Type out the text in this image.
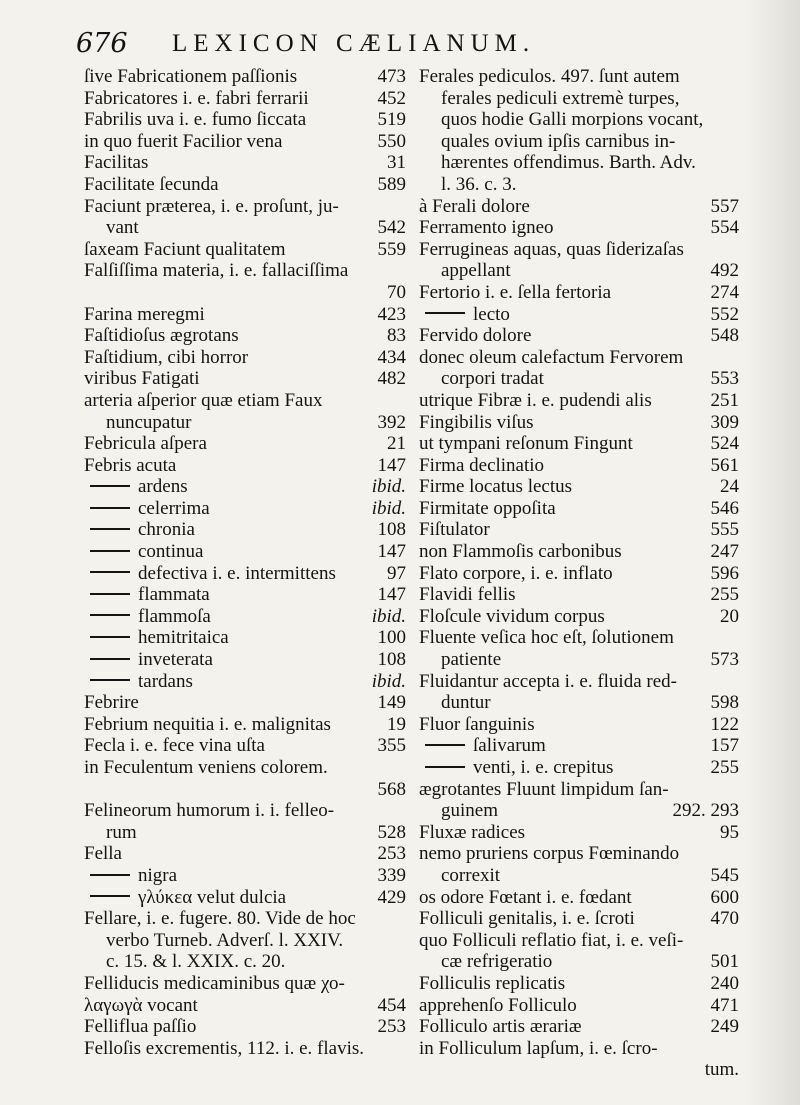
676 LEXICON CÆLIANUM.
ſive Fabricationem paſſionis	473
Fabricatores i. e. fabri ferrarii	452
Fabrilis uva i. e. fumo ſiccata	519
in quo fuerit Facilior vena	550
Facilitas	31
Facilitate ſecunda	589
Faciunt præterea, i. e. proſunt, ju-
vant	542
ſaxeam Faciunt qualitatem	559
Falſiſſima materia, i. e. fallaciſſima
70
Farina meregmi	423
Faſtidioſus ægrotans	83
Faſtidium, cibi horror	434
viribus Fatigati	482
arteria aſperior quæ etiam Faux
nuncupatur	392
Febricula aſpera	21
Febris acuta	147
ardens	ibid.
celerrima	ibid.
chronia	108
continua	147
defectiva i. e. intermittens	97
flammata	147
flammoſa	ibid.
hemitritaica	100
inveterata	108
tardans	ibid.
Febrire	149
Febrium nequitia i. e. malignitas	19
Fecla i. e. fece vina uſta	355
in Feculentum veniens colorem.
568
Felineorum humorum i. i. felleo-
rum	528
Fella	253
nigra	339
γλύκεα velut dulcia	429
Fellare, i. e. fugere. 80. Vide de hoc
verbo Turneb. Adverſ. l. XXIV.
c. 15. & l. XXIX. c. 20.
Felliducis medicaminibus quæ χο-
λαγωγὰ vocant	454
Felliflua paſſio	253
Felloſis excrementis, 112. i. e. flavis.
Ferales pediculos. 497. ſunt autem
ferales pediculi extremè turpes,
quos hodie Galli morpions vocant,
quales ovium ipſis carnibus in-
hærentes offendimus. Barth. Adv.
l. 36. c. 3.
à Ferali dolore	557
Ferramento igneo	554
Ferrugineas aquas, quas ſiderizaſas
appellant	492
Fertorio i. e. ſella fertoria	274
lecto	552
Fervido dolore	548
donec oleum calefactum Fervorem
corpori tradat	553
utrique Fibræ i. e. pudendi alis	251
Fingibilis viſus	309
ut tympani reſonum Fingunt	524
Firma declinatio	561
Firme locatus lectus	24
Firmitate oppoſita	546
Fiſtulator	555
non Flammoſis carbonibus	247
Flato corpore, i. e. inflato	596
Flavidi fellis	255
Floſcule vividum corpus	20
Fluente veſica hoc eſt, ſolutionem
patiente	573
Fluidantur accepta i. e. fluida red-
duntur	598
Fluor ſanguinis	122
ſalivarum	157
venti, i. e. crepitus	255
ægrotantes Fluunt limpidum ſan-
guinem	292. 293
Fluxæ radices	95
nemo pruriens corpus Fœminando
correxit	545
os odore Fœtant i. e. fœdant	600
Folliculi genitalis, i. e. ſcroti	470
quo Folliculi reflatio fiat, i. e. veſi-
cæ refrigeratio	501
Folliculis replicatis	240
apprehenſo Folliculo	471
Folliculo artis ærariæ	249
in Folliculum lapſum, i. e. ſcro-
tum.
